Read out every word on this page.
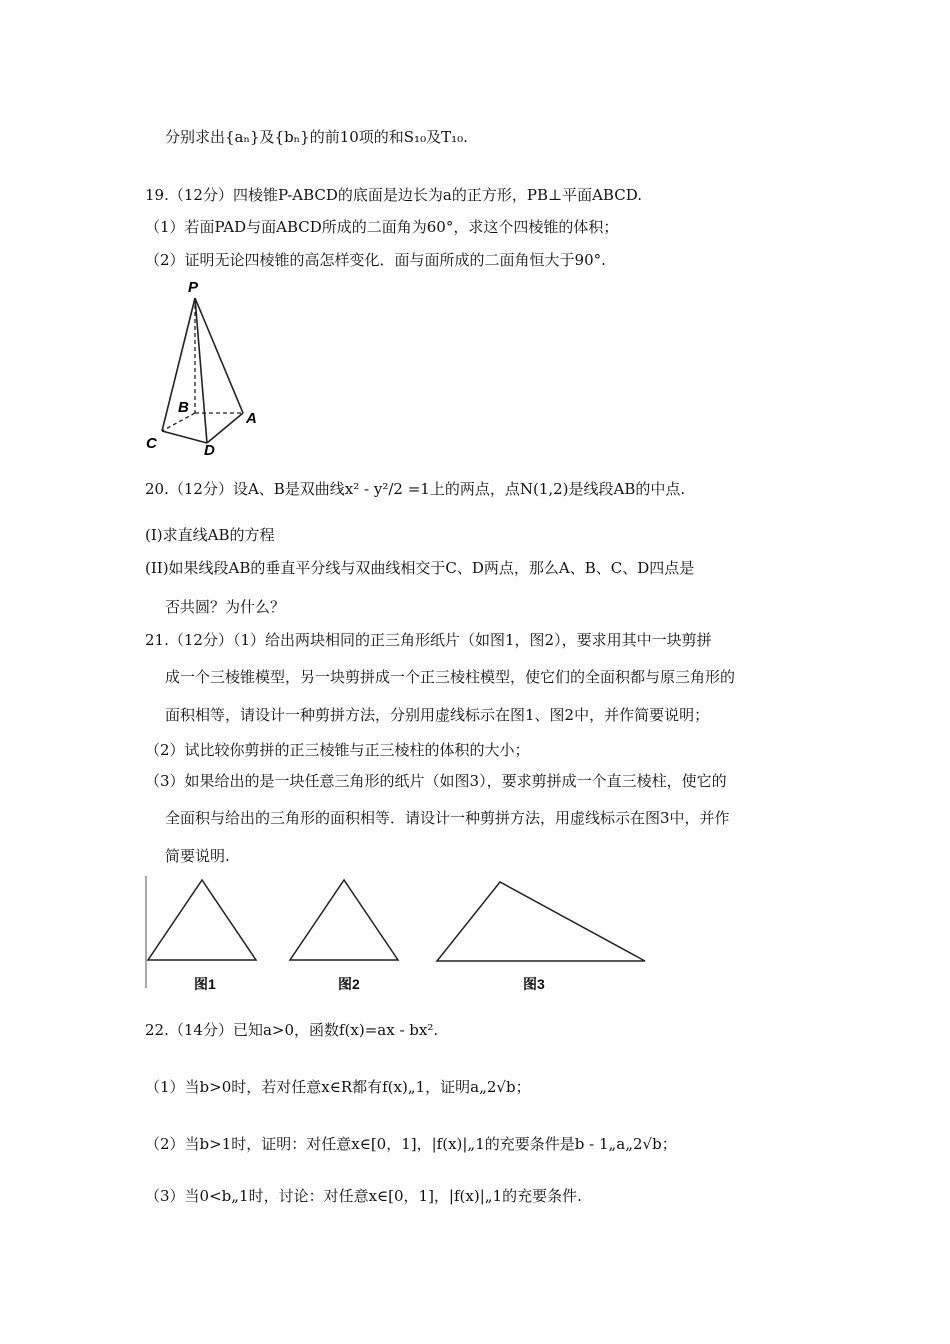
分别求出{aₙ}及{bₙ}的前10项的和S₁₀及T₁₀.
19.（12分）四棱锥P-ABCD的底面是边长为a的正方形，PB⊥平面ABCD.
（1）若面PAD与面ABCD所成的二面角为60°，求这个四棱锥的体积；
（2）证明无论四棱锥的高怎样变化．面与面所成的二面角恒大于90°.
P
A
B
C	D
20.（12分）设A、B是双曲线x² - y²/2 =1上的两点，点N(1,2)是线段AB的中点.
(I)求直线AB的方程
(II)如果线段AB的垂直平分线与双曲线相交于C、D两点，那么A、B、C、D四点是
否共圆？为什么？
21.（12分）（1）给出两块相同的正三角形纸片（如图1，图2），要求用其中一块剪拼
成一个三棱锥模型，另一块剪拼成一个正三棱柱模型，使它们的全面积都与原三角形的
面积相等，请设计一种剪拼方法，分别用虚线标示在图1、图2中，并作简要说明；
（2）试比较你剪拼的正三棱锥与正三棱柱的体积的大小；
（3）如果给出的是一块任意三角形的纸片（如图3），要求剪拼成一个直三棱柱，使它的
全面积与给出的三角形的面积相等．请设计一种剪拼方法，用虚线标示在图3中，并作
简要说明.
图1	图2	图3
22.（14分）已知a>0，函数f(x)=ax - bx².
（1）当b>0时，若对任意x∈R都有f(x)„1，证明a„2√b；
（2）当b>1时，证明：对任意x∈[0，1]，|f(x)|„1的充要条件是b - 1„a„2√b；
（3）当0<b„1时，讨论：对任意x∈[0，1]，|f(x)|„1的充要条件.
